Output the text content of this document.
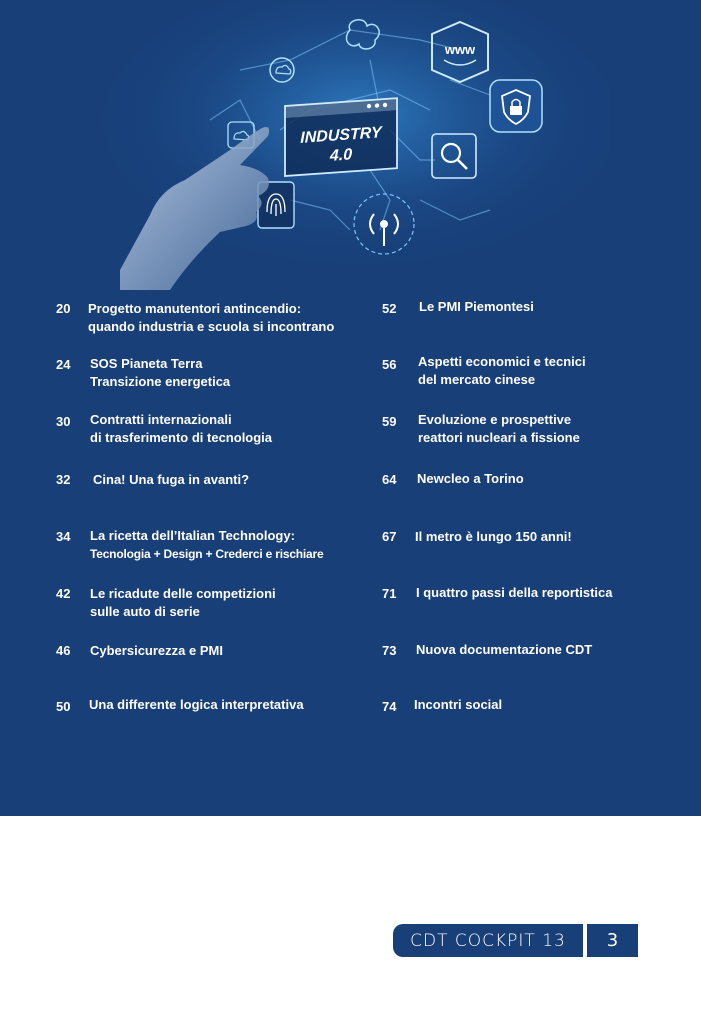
www
INDUSTRY
4.0
20 Progetto manutentori antincendio:
quando industria e scuola si incontrano
24 SOS Pianeta Terra
Transizione energetica
30 Contratti internazionali
di trasferimento di tecnologia
32 Cina! Una fuga in avanti?
34 La ricetta dell’Italian Technology:
Tecnologia + Design + Crederci e rischiare
42 Le ricadute delle competizioni
sulle auto di serie
46 Cybersicurezza e PMI
50 Una differente logica interpretativa
52 Le PMI Piemontesi
56 Aspetti economici e tecnici
del mercato cinese
59 Evoluzione e prospettive
reattori nucleari a fissione
64 Newcleo a Torino
67 Il metro è lungo 150 anni!
71 I quattro passi della reportistica
73 Nuova documentazione CDT
74 Incontri social
CDT COCKPIT 13	3
